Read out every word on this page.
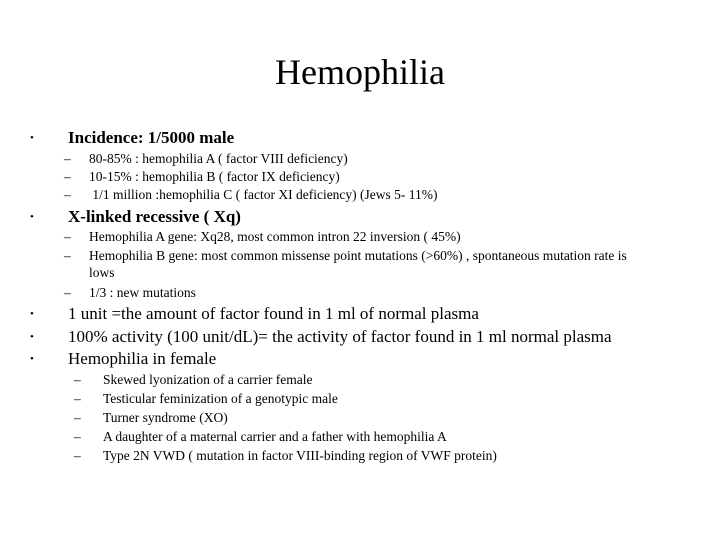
Hemophilia
• Incidence: 1/5000 male
– 80-85% : hemophilia A ( factor VIII deficiency)
– 10-15% : hemophilia B ( factor IX deficiency)
– 1/1 million :hemophilia C ( factor XI deficiency) (Jews 5- 11%)
• X-linked recessive ( Xq)
– Hemophilia A gene: Xq28, most common intron 22 inversion ( 45%)
– Hemophilia B gene: most common missense point mutations (>60%) , spontaneous mutation rate is lows
– 1/3 : new mutations
• 1 unit =the amount of factor found in 1 ml of normal plasma
• 100% activity (100 unit/dL)= the activity of factor found in 1 ml normal plasma
• Hemophilia in female
– Skewed lyonization of a carrier female
– Testicular feminization of a genotypic male
– Turner syndrome (XO)
– A daughter of a maternal carrier and a father with hemophilia A
– Type 2N VWD ( mutation in factor VIII-binding region of VWF protein)
